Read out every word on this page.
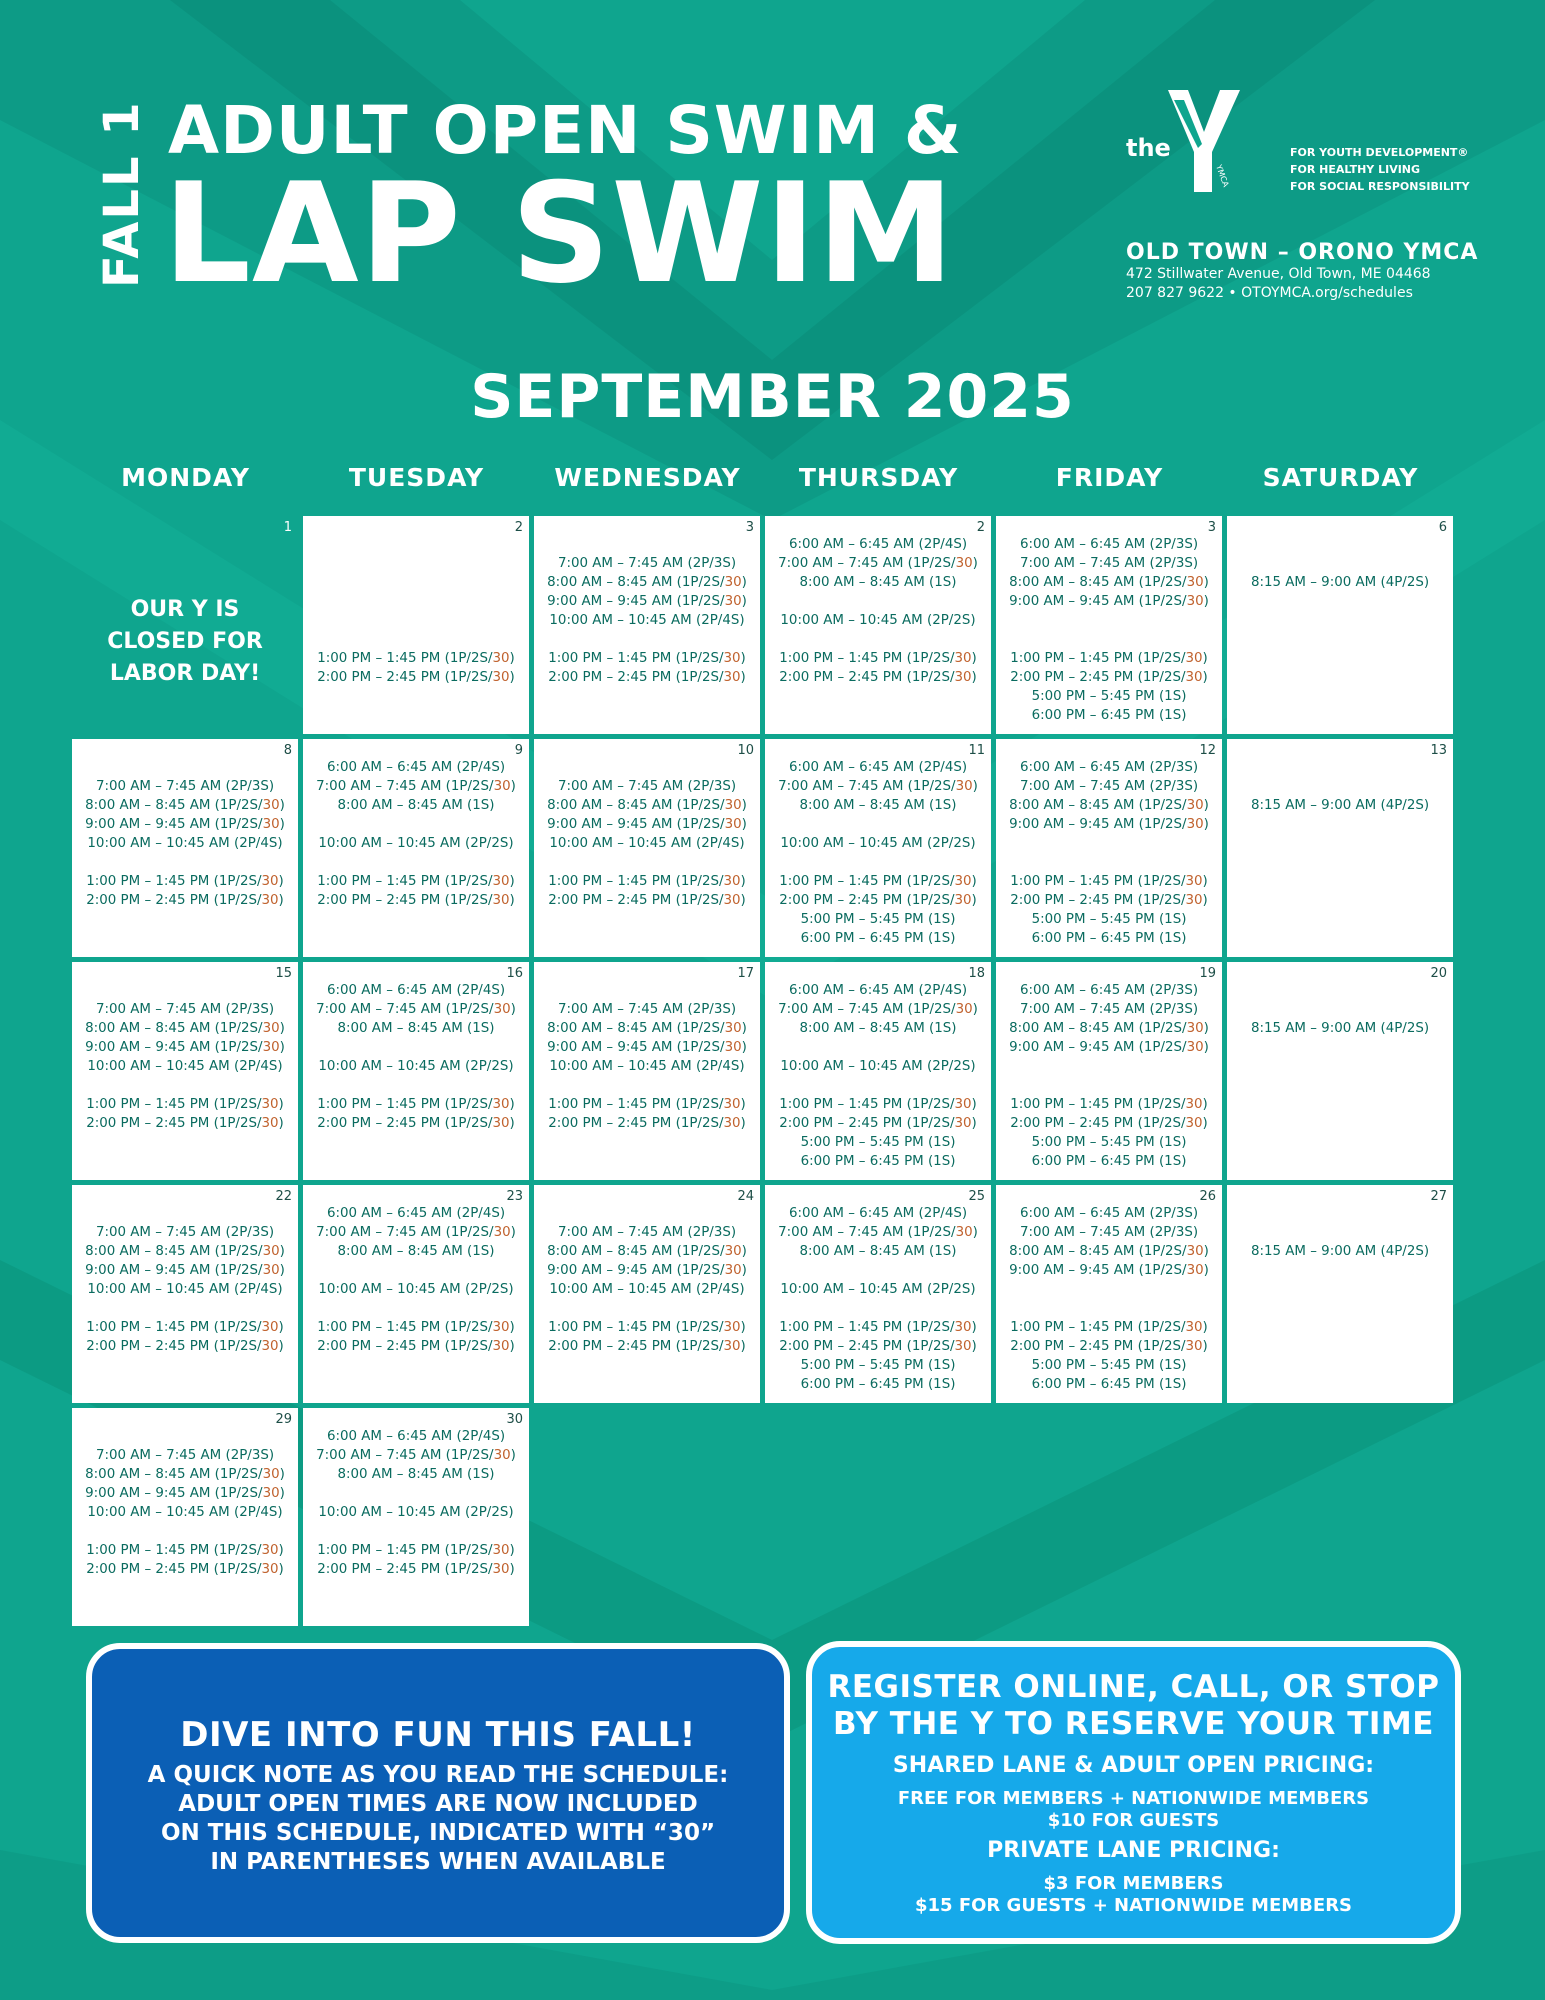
FALL 1 ADULT OPEN SWIM &
LAP SWIM
the
YMCA
FOR YOUTH DEVELOPMENT®
FOR HEALTHY LIVING
FOR SOCIAL RESPONSIBILITY
OLD TOWN – ORONO YMCA
472 Stillwater Avenue, Old Town, ME 04468
207 827 9622 • OTOYMCA.org/schedules
SEPTEMBER 2025
MONDAY	TUESDAY	WEDNESDAY	THURSDAY	FRIDAY	SATURDAY
1
OUR Y IS CLOSED FOR LABOR DAY!
2
1:00 PM – 1:45 PM (1P/2S/30)
2:00 PM – 2:45 PM (1P/2S/30)
3
7:00 AM – 7:45 AM (2P/3S)
8:00 AM – 8:45 AM (1P/2S/30)
9:00 AM – 9:45 AM (1P/2S/30)
10:00 AM – 10:45 AM (2P/4S)
1:00 PM – 1:45 PM (1P/2S/30)
2:00 PM – 2:45 PM (1P/2S/30)
2
6:00 AM – 6:45 AM (2P/4S)
7:00 AM – 7:45 AM (1P/2S/30)
8:00 AM – 8:45 AM (1S)
10:00 AM – 10:45 AM (2P/2S)
1:00 PM – 1:45 PM (1P/2S/30)
2:00 PM – 2:45 PM (1P/2S/30)
3
6:00 AM – 6:45 AM (2P/3S)
7:00 AM – 7:45 AM (2P/3S)
8:00 AM – 8:45 AM (1P/2S/30)
9:00 AM – 9:45 AM (1P/2S/30)
1:00 PM – 1:45 PM (1P/2S/30)
2:00 PM – 2:45 PM (1P/2S/30)
5:00 PM – 5:45 PM (1S)
6:00 PM – 6:45 PM (1S)
6
8:15 AM – 9:00 AM (4P/2S)
8
7:00 AM – 7:45 AM (2P/3S)
8:00 AM – 8:45 AM (1P/2S/30)
9:00 AM – 9:45 AM (1P/2S/30)
10:00 AM – 10:45 AM (2P/4S)
1:00 PM – 1:45 PM (1P/2S/30)
2:00 PM – 2:45 PM (1P/2S/30)
9
6:00 AM – 6:45 AM (2P/4S)
7:00 AM – 7:45 AM (1P/2S/30)
8:00 AM – 8:45 AM (1S)
10:00 AM – 10:45 AM (2P/2S)
1:00 PM – 1:45 PM (1P/2S/30)
2:00 PM – 2:45 PM (1P/2S/30)
10
7:00 AM – 7:45 AM (2P/3S)
8:00 AM – 8:45 AM (1P/2S/30)
9:00 AM – 9:45 AM (1P/2S/30)
10:00 AM – 10:45 AM (2P/4S)
1:00 PM – 1:45 PM (1P/2S/30)
2:00 PM – 2:45 PM (1P/2S/30)
11
6:00 AM – 6:45 AM (2P/4S)
7:00 AM – 7:45 AM (1P/2S/30)
8:00 AM – 8:45 AM (1S)
10:00 AM – 10:45 AM (2P/2S)
1:00 PM – 1:45 PM (1P/2S/30)
2:00 PM – 2:45 PM (1P/2S/30)
5:00 PM – 5:45 PM (1S)
6:00 PM – 6:45 PM (1S)
12
6:00 AM – 6:45 AM (2P/3S)
7:00 AM – 7:45 AM (2P/3S)
8:00 AM – 8:45 AM (1P/2S/30)
9:00 AM – 9:45 AM (1P/2S/30)
1:00 PM – 1:45 PM (1P/2S/30)
2:00 PM – 2:45 PM (1P/2S/30)
5:00 PM – 5:45 PM (1S)
6:00 PM – 6:45 PM (1S)
13
8:15 AM – 9:00 AM (4P/2S)
15
7:00 AM – 7:45 AM (2P/3S)
8:00 AM – 8:45 AM (1P/2S/30)
9:00 AM – 9:45 AM (1P/2S/30)
10:00 AM – 10:45 AM (2P/4S)
1:00 PM – 1:45 PM (1P/2S/30)
2:00 PM – 2:45 PM (1P/2S/30)
16
6:00 AM – 6:45 AM (2P/4S)
7:00 AM – 7:45 AM (1P/2S/30)
8:00 AM – 8:45 AM (1S)
10:00 AM – 10:45 AM (2P/2S)
1:00 PM – 1:45 PM (1P/2S/30)
2:00 PM – 2:45 PM (1P/2S/30)
17
7:00 AM – 7:45 AM (2P/3S)
8:00 AM – 8:45 AM (1P/2S/30)
9:00 AM – 9:45 AM (1P/2S/30)
10:00 AM – 10:45 AM (2P/4S)
1:00 PM – 1:45 PM (1P/2S/30)
2:00 PM – 2:45 PM (1P/2S/30)
18
6:00 AM – 6:45 AM (2P/4S)
7:00 AM – 7:45 AM (1P/2S/30)
8:00 AM – 8:45 AM (1S)
10:00 AM – 10:45 AM (2P/2S)
1:00 PM – 1:45 PM (1P/2S/30)
2:00 PM – 2:45 PM (1P/2S/30)
5:00 PM – 5:45 PM (1S)
6:00 PM – 6:45 PM (1S)
19
6:00 AM – 6:45 AM (2P/3S)
7:00 AM – 7:45 AM (2P/3S)
8:00 AM – 8:45 AM (1P/2S/30)
9:00 AM – 9:45 AM (1P/2S/30)
1:00 PM – 1:45 PM (1P/2S/30)
2:00 PM – 2:45 PM (1P/2S/30)
5:00 PM – 5:45 PM (1S)
6:00 PM – 6:45 PM (1S)
20
8:15 AM – 9:00 AM (4P/2S)
22
7:00 AM – 7:45 AM (2P/3S)
8:00 AM – 8:45 AM (1P/2S/30)
9:00 AM – 9:45 AM (1P/2S/30)
10:00 AM – 10:45 AM (2P/4S)
1:00 PM – 1:45 PM (1P/2S/30)
2:00 PM – 2:45 PM (1P/2S/30)
23
6:00 AM – 6:45 AM (2P/4S)
7:00 AM – 7:45 AM (1P/2S/30)
8:00 AM – 8:45 AM (1S)
10:00 AM – 10:45 AM (2P/2S)
1:00 PM – 1:45 PM (1P/2S/30)
2:00 PM – 2:45 PM (1P/2S/30)
24
7:00 AM – 7:45 AM (2P/3S)
8:00 AM – 8:45 AM (1P/2S/30)
9:00 AM – 9:45 AM (1P/2S/30)
10:00 AM – 10:45 AM (2P/4S)
1:00 PM – 1:45 PM (1P/2S/30)
2:00 PM – 2:45 PM (1P/2S/30)
25
6:00 AM – 6:45 AM (2P/4S)
7:00 AM – 7:45 AM (1P/2S/30)
8:00 AM – 8:45 AM (1S)
10:00 AM – 10:45 AM (2P/2S)
1:00 PM – 1:45 PM (1P/2S/30)
2:00 PM – 2:45 PM (1P/2S/30)
5:00 PM – 5:45 PM (1S)
6:00 PM – 6:45 PM (1S)
26
6:00 AM – 6:45 AM (2P/3S)
7:00 AM – 7:45 AM (2P/3S)
8:00 AM – 8:45 AM (1P/2S/30)
9:00 AM – 9:45 AM (1P/2S/30)
1:00 PM – 1:45 PM (1P/2S/30)
2:00 PM – 2:45 PM (1P/2S/30)
5:00 PM – 5:45 PM (1S)
6:00 PM – 6:45 PM (1S)
27
8:15 AM – 9:00 AM (4P/2S)
29
7:00 AM – 7:45 AM (2P/3S)
8:00 AM – 8:45 AM (1P/2S/30)
9:00 AM – 9:45 AM (1P/2S/30)
10:00 AM – 10:45 AM (2P/4S)
1:00 PM – 1:45 PM (1P/2S/30)
2:00 PM – 2:45 PM (1P/2S/30)
30
6:00 AM – 6:45 AM (2P/4S)
7:00 AM – 7:45 AM (1P/2S/30)
8:00 AM – 8:45 AM (1S)
10:00 AM – 10:45 AM (2P/2S)
1:00 PM – 1:45 PM (1P/2S/30)
2:00 PM – 2:45 PM (1P/2S/30)
DIVE INTO FUN THIS FALL!
A QUICK NOTE AS YOU READ THE SCHEDULE:
ADULT OPEN TIMES ARE NOW INCLUDED
ON THIS SCHEDULE, INDICATED WITH “30”
IN PARENTHESES WHEN AVAILABLE
REGISTER ONLINE, CALL, OR STOP
BY THE Y TO RESERVE YOUR TIME
SHARED LANE & ADULT OPEN PRICING:
FREE FOR MEMBERS + NATIONWIDE MEMBERS
$10 FOR GUESTS
PRIVATE LANE PRICING:
$3 FOR MEMBERS
$15 FOR GUESTS + NATIONWIDE MEMBERS
